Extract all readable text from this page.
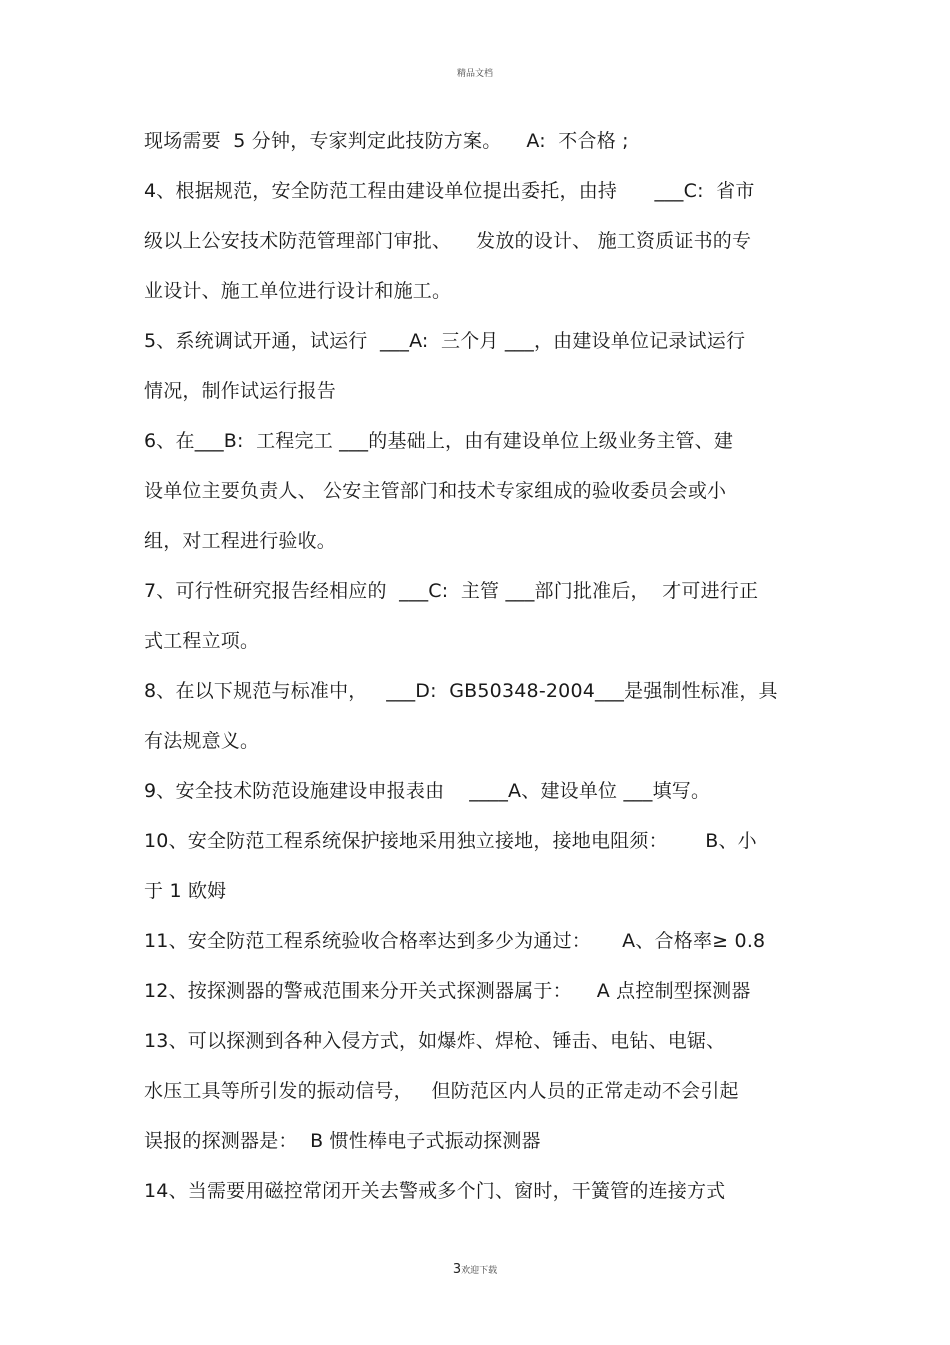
精品文档
现场需要  5 分钟，专家判定此技防方案。    A:  不合格 ;
4、根据规范，安全防范工程由建设单位提出委托，由持      ___C:  省市
级以上公安技术防范管理部门审批、    发放的设计、 施工资质证书的专
业设计、施工单位进行设计和施工。
5、系统调试开通，试运行  ___A:  三个月 ___，由建设单位记录试运行
情况，制作试运行报告
6、在___B:  工程完工 ___的基础上，由有建设单位上级业务主管、建
设单位主要负责人、 公安主管部门和技术专家组成的验收委员会或小
组，对工程进行验收。
7、可行性研究报告经相应的  ___C:  主管 ___部门批准后，  才可进行正
式工程立项。
8、在以下规范与标准中，   ___D:  GB50348-2004___是强制性标准，具
有法规意义。
9、安全技术防范设施建设申报表由    ____A、建设单位 ___填写。
10、安全防范工程系统保护接地采用独立接地，接地电阻须：      B、小
于 1 欧姆
11、安全防范工程系统验收合格率达到多少为通过：     A、合格率≥ 0.8
12、按探测器的警戒范围来分开关式探测器属于：    A 点控制型探测器
13、可以探测到各种入侵方式，如爆炸、焊枪、锤击、电钻、电锯、
水压工具等所引发的振动信号，   但防范区内人员的正常走动不会引起
误报的探测器是：  B 惯性棒电子式振动探测器
14、当需要用磁控常闭开关去警戒多个门、窗时，干簧管的连接方式
3欢迎下载
